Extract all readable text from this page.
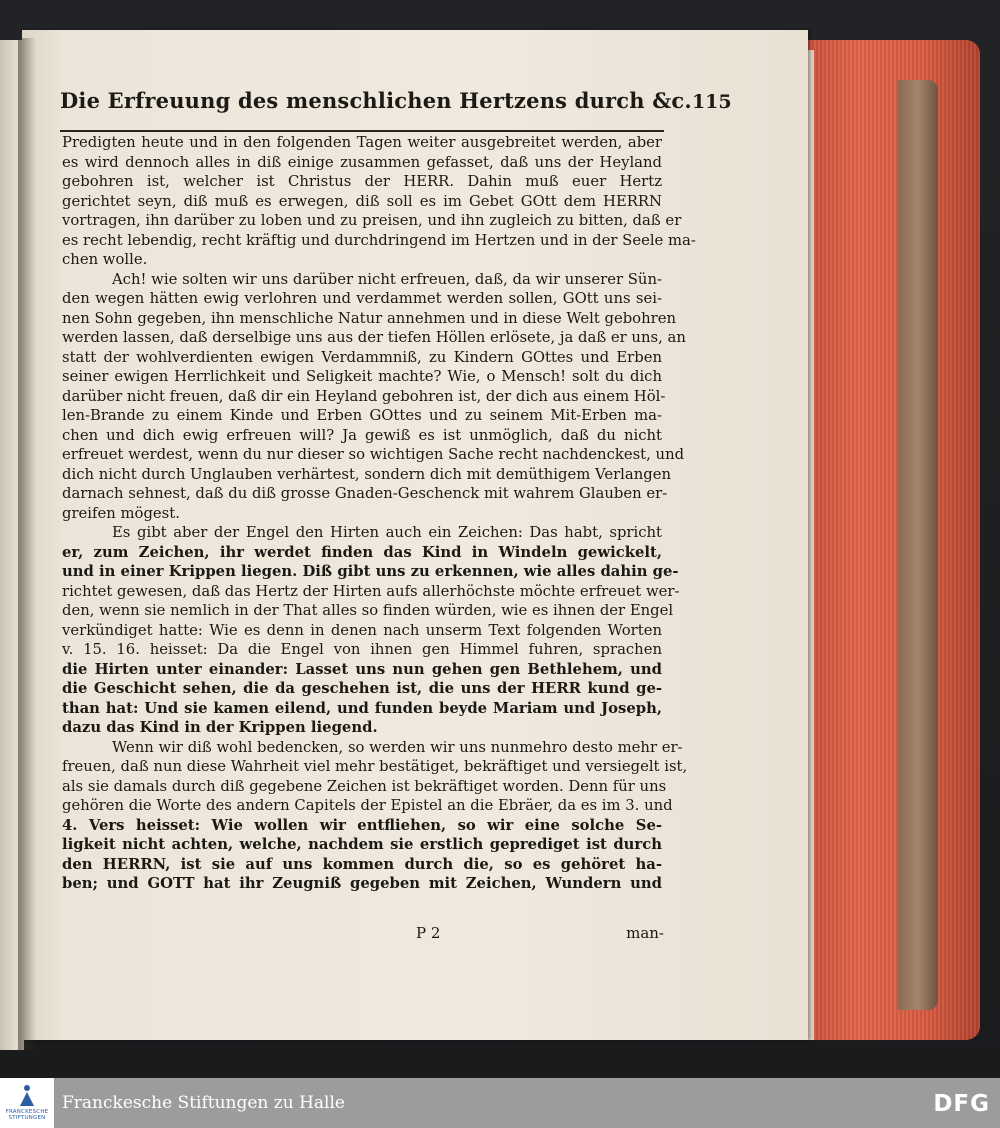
Die Erfreuung des menschlichen Hertzens durch &c. 115
Predigten heute und in den folgenden Tagen weiter ausgebreitet werden, aber
es wird dennoch alles in diß einige zusammen gefasset, daß uns der Heyland
gebohren ist, welcher ist Christus der HERR. Dahin muß euer Hertz
gerichtet seyn, diß muß es erwegen, diß soll es im Gebet GOtt dem HERRN
vortragen, ihn darüber zu loben und zu preisen, und ihn zugleich zu bitten, daß er
es recht lebendig, recht kräftig und durchdringend im Hertzen und in der Seele ma-
chen wolle.
Ach! wie solten wir uns darüber nicht erfreuen, daß, da wir unserer Sün-
den wegen hätten ewig verlohren und verdammet werden sollen, GOtt uns sei-
nen Sohn gegeben, ihn menschliche Natur annehmen und in diese Welt gebohren
werden lassen, daß derselbige uns aus der tiefen Höllen erlösete, ja daß er uns, an
statt der wohlverdienten ewigen Verdammniß, zu Kindern GOttes und Erben
seiner ewigen Herrlichkeit und Seligkeit machte? Wie, o Mensch! solt du dich
darüber nicht freuen, daß dir ein Heyland gebohren ist, der dich aus einem Höl-
len-Brande zu einem Kinde und Erben GOttes und zu seinem Mit-Erben ma-
chen und dich ewig erfreuen will? Ja gewiß es ist unmöglich, daß du nicht
erfreuet werdest, wenn du nur dieser so wichtigen Sache recht nachdenckest, und
dich nicht durch Unglauben verhärtest, sondern dich mit demüthigem Verlangen
darnach sehnest, daß du diß grosse Gnaden-Geschenck mit wahrem Glauben er-
greifen mögest.
Es gibt aber der Engel den Hirten auch ein Zeichen: Das habt, spricht
er, zum Zeichen, ihr werdet finden das Kind in Windeln gewickelt,
und in einer Krippen liegen. Diß gibt uns zu erkennen, wie alles dahin ge-
richtet gewesen, daß das Hertz der Hirten aufs allerhöchste möchte erfreuet wer-
den, wenn sie nemlich in der That alles so finden würden, wie es ihnen der Engel
verkündiget hatte: Wie es denn in denen nach unserm Text folgenden Worten
v. 15. 16. heisset: Da die Engel von ihnen gen Himmel fuhren, sprachen
die Hirten unter einander: Lasset uns nun gehen gen Bethlehem, und
die Geschicht sehen, die da geschehen ist, die uns der HERR kund ge-
than hat: Und sie kamen eilend, und funden beyde Mariam und Joseph,
dazu das Kind in der Krippen liegend.
Wenn wir diß wohl bedencken, so werden wir uns nunmehro desto mehr er-
freuen, daß nun diese Wahrheit viel mehr bestätiget, bekräftiget und versiegelt ist,
als sie damals durch diß gegebene Zeichen ist bekräftiget worden. Denn für uns
gehören die Worte des andern Capitels der Epistel an die Ebräer, da es im 3. und
4. Vers heisset: Wie wollen wir entfliehen, so wir eine solche Se-
ligkeit nicht achten, welche, nachdem sie erstlich geprediget ist durch
den HERRN, ist sie auf uns kommen durch die, so es gehöret ha-
ben; und GOTT hat ihr Zeugniß gegeben mit Zeichen, Wundern und
P 2	man-
FRANCKESCHE
STIFTUNGEN
Franckesche Stiftungen zu Halle	DFG
